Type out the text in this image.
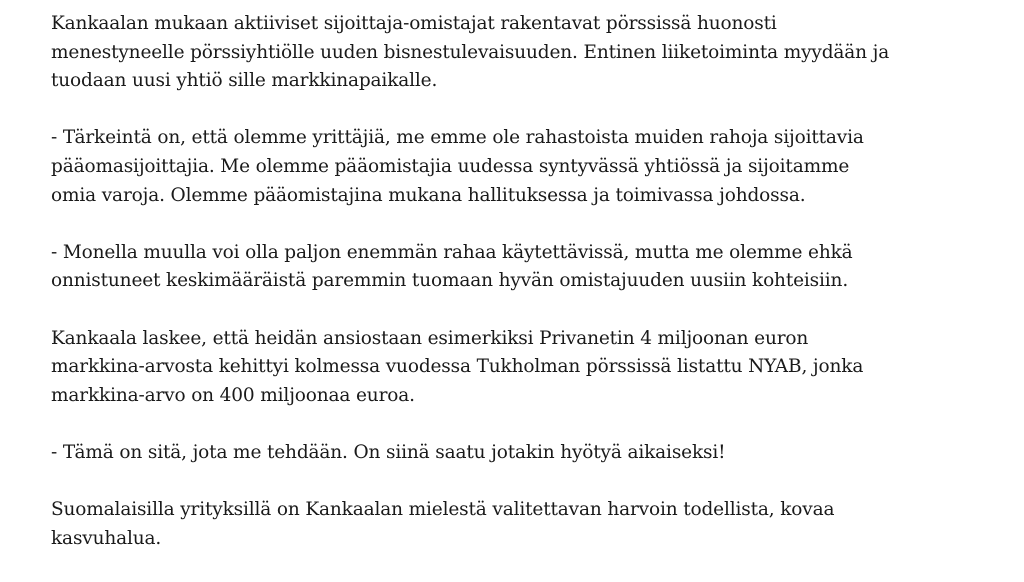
Kankaalan mukaan aktiiviset sijoittaja-omistajat rakentavat pörssissä huonosti
menestyneelle pörssiyhtiölle uuden bisnestulevaisuuden. Entinen liiketoiminta myydään ja
tuodaan uusi yhtiö sille markkinapaikalle.

- Tärkeintä on, että olemme yrittäjiä, me emme ole rahastoista muiden rahoja sijoittavia
pääomasijoittajia. Me olemme pääomistajia uudessa syntyvässä yhtiössä ja sijoitamme
omia varoja. Olemme pääomistajina mukana hallituksessa ja toimivassa johdossa.

- Monella muulla voi olla paljon enemmän rahaa käytettävissä, mutta me olemme ehkä
onnistuneet keskimääräistä paremmin tuomaan hyvän omistajuuden uusiin kohteisiin.

Kankaala laskee, että heidän ansiostaan esimerkiksi Privanetin 4 miljoonan euron
markkina-arvosta kehittyi kolmessa vuodessa Tukholman pörssissä listattu NYAB, jonka
markkina-arvo on 400 miljoonaa euroa.

- Tämä on sitä, jota me tehdään. On siinä saatu jotakin hyötyä aikaiseksi!

Suomalaisilla yrityksillä on Kankaalan mielestä valitettavan harvoin todellista, kovaa
kasvuhalua.
